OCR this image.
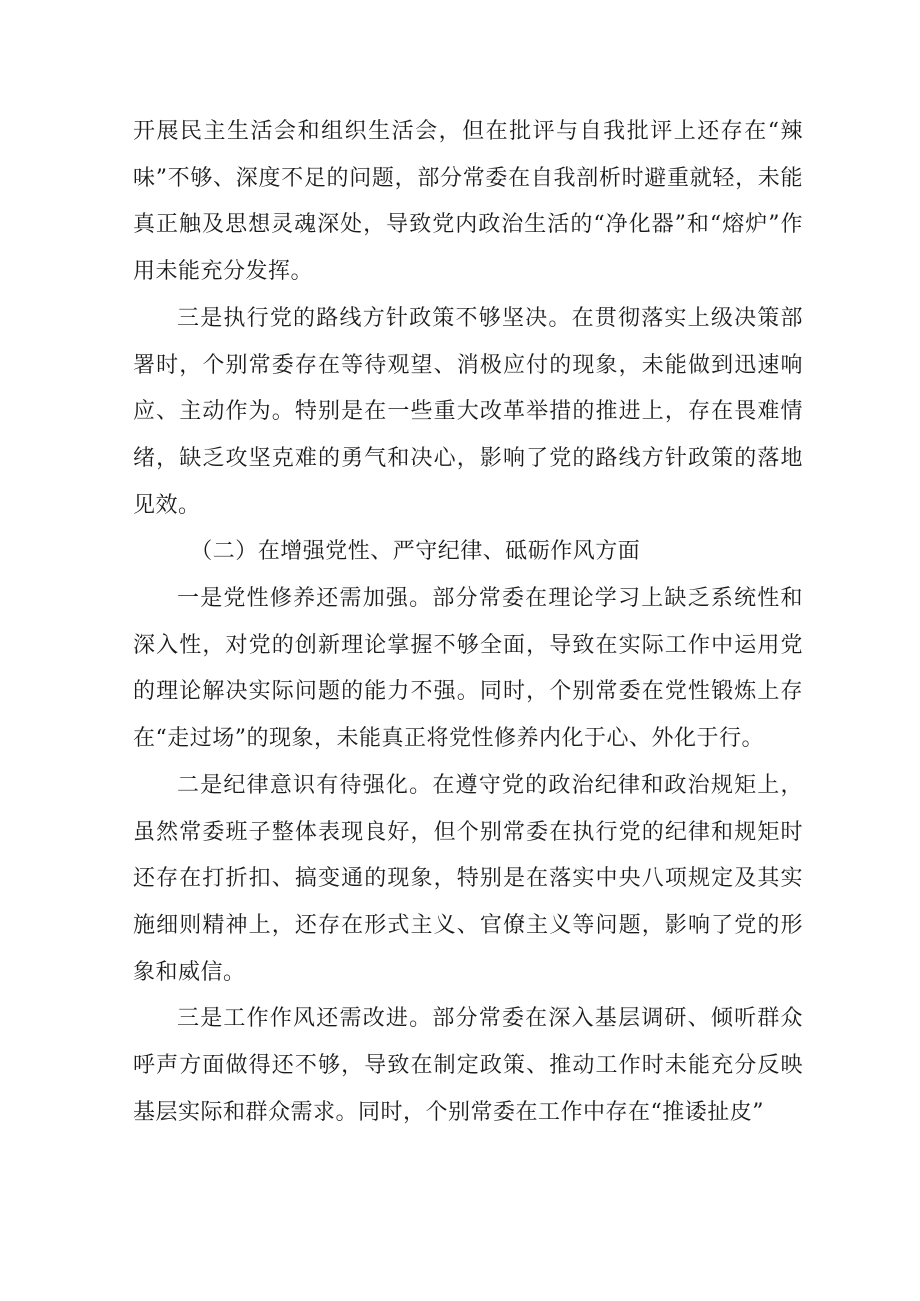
开展民主生活会和组织生活会，但在批评与自我批评上还存在“辣味”不够、深度不足的问题，部分常委在自我剖析时避重就轻，未能真正触及思想灵魂深处，导致党内政治生活的“净化器”和“熔炉”作用未能充分发挥。

三是执行党的路线方针政策不够坚决。在贯彻落实上级决策部署时，个别常委存在等待观望、消极应付的现象，未能做到迅速响应、主动作为。特别是在一些重大改革举措的推进上，存在畏难情绪，缺乏攻坚克难的勇气和决心，影响了党的路线方针政策的落地见效。

（二）在增强党性、严守纪律、砥砺作风方面

一是党性修养还需加强。部分常委在理论学习上缺乏系统性和深入性，对党的创新理论掌握不够全面，导致在实际工作中运用党的理论解决实际问题的能力不强。同时，个别常委在党性锻炼上存在“走过场”的现象，未能真正将党性修养内化于心、外化于行。

二是纪律意识有待强化。在遵守党的政治纪律和政治规矩上，虽然常委班子整体表现良好，但个别常委在执行党的纪律和规矩时还存在打折扣、搞变通的现象，特别是在落实中央八项规定及其实施细则精神上，还存在形式主义、官僚主义等问题，影响了党的形象和威信。

三是工作作风还需改进。部分常委在深入基层调研、倾听群众呼声方面做得还不够，导致在制定政策、推动工作时未能充分反映基层实际和群众需求。同时，个别常委在工作中存在“推诿扯皮”
